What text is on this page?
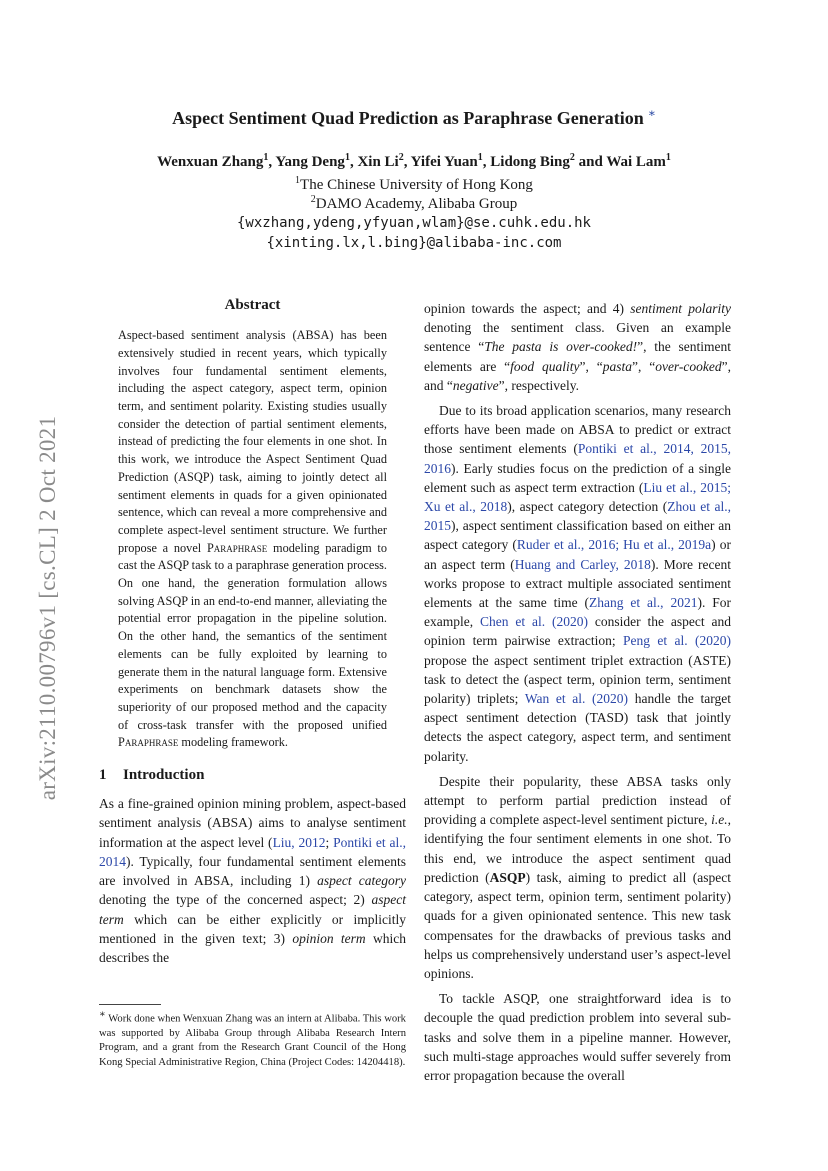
arXiv:2110.00796v1 [cs.CL] 2 Oct 2021
Aspect Sentiment Quad Prediction as Paraphrase Generation ∗
Wenxuan Zhang$^1$, Yang Deng$^1$, Xin Li$^2$, Yifei Yuan$^1$, Lidong Bing$^2$ and Wai Lam$^1$
$^1$The Chinese University of Hong Kong
$^2$DAMO Academy, Alibaba Group
{wxzhang,ydeng,yfyuan,wlam}@se.cuhk.edu.hk
{xinting.lx,l.bing}@alibaba-inc.com
Abstract
Aspect-based sentiment analysis (ABSA) has been extensively studied in recent years, which typically involves four fundamental sentiment elements, including the aspect category, aspect term, opinion term, and sentiment polarity. Existing studies usually consider the detection of partial sentiment elements, instead of predicting the four elements in one shot. In this work, we introduce the Aspect Sentiment Quad Prediction (ASQP) task, aiming to jointly detect all sentiment elements in quads for a given opinionated sentence, which can reveal a more comprehensive and complete aspect-level sentiment structure. We further propose a novel Paraphrase modeling paradigm to cast the ASQP task to a paraphrase generation process. On one hand, the generation formulation allows solving ASQP in an end-to-end manner, alleviating the potential error propagation in the pipeline solution. On the other hand, the semantics of the sentiment elements can be fully exploited by learning to generate them in the natural language form. Extensive experiments on benchmark datasets show the superiority of our proposed method and the capacity of cross-task transfer with the proposed unified Paraphrase modeling framework.
1 Introduction

As a fine-grained opinion mining problem, aspect-based sentiment analysis (ABSA) aims to analyse sentiment information at the aspect level (Liu, 2012; Pontiki et al., 2014). Typically, four fundamental sentiment elements are involved in ABSA, including 1) aspect category denoting the type of the concerned aspect; 2) aspect term which can be either explicitly or implicitly mentioned in the given text; 3) opinion term which describes the

opinion towards the aspect; and 4) sentiment polarity denoting the sentiment class. Given an example sentence “The pasta is over-cooked!”, the sentiment elements are “food quality”, “pasta”, “over-cooked”, and “negative”, respectively.

Due to its broad application scenarios, many research efforts have been made on ABSA to predict or extract those sentiment elements (Pontiki et al., 2014, 2015, 2016). Early studies focus on the prediction of a single element such as aspect term extraction (Liu et al., 2015; Xu et al., 2018), aspect category detection (Zhou et al., 2015), aspect sentiment classification based on either an aspect category (Ruder et al., 2016; Hu et al., 2019a) or an aspect term (Huang and Carley, 2018). More recent works propose to extract multiple associated sentiment elements at the same time (Zhang et al., 2021). For example, Chen et al. (2020) consider the aspect and opinion term pairwise extraction; Peng et al. (2020) propose the aspect sentiment triplet extraction (ASTE) task to detect the (aspect term, opinion term, sentiment polarity) triplets; Wan et al. (2020) handle the target aspect sentiment detection (TASD) task that jointly detects the aspect category, aspect term, and sentiment polarity.

Despite their popularity, these ABSA tasks only attempt to perform partial prediction instead of providing a complete aspect-level sentiment picture, i.e., identifying the four sentiment elements in one shot. To this end, we introduce the aspect sentiment quad prediction (ASQP) task, aiming to predict all (aspect category, aspect term, opinion term, sentiment polarity) quads for a given opinionated sentence. This new task compensates for the drawbacks of previous tasks and helps us comprehensively understand user’s aspect-level opinions.

To tackle ASQP, one straightforward idea is to decouple the quad prediction problem into several sub-tasks and solve them in a pipeline manner. However, such multi-stage approaches would suffer severely from error propagation because the overall

∗ Work done when Wenxuan Zhang was an intern at Alibaba. This work was supported by Alibaba Group through Alibaba Research Intern Program, and a grant from the Research Grant Council of the Hong Kong Special Administrative Region, China (Project Codes: 14204418).
